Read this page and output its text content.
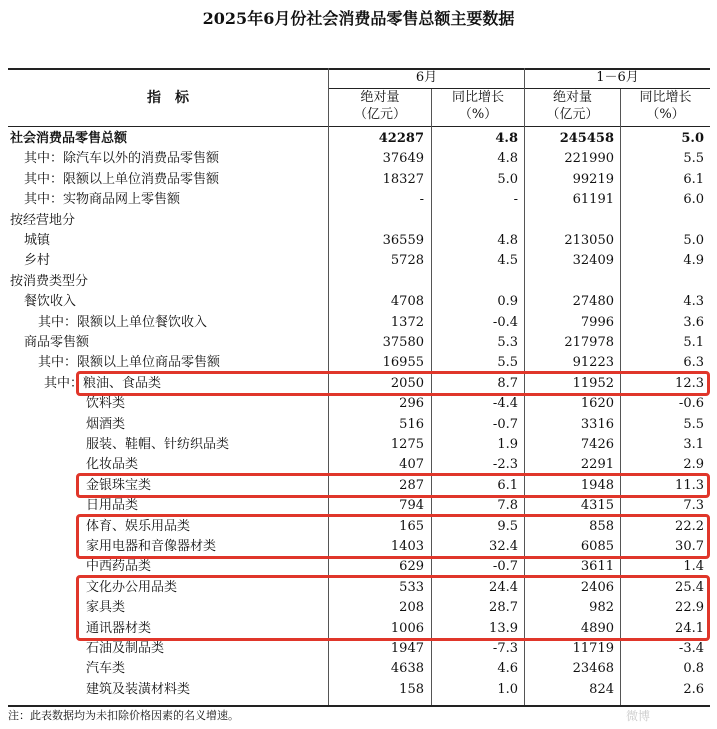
2025年6月份社会消费品零售总额主要数据
指　标
6月	1－6月
绝对量
（亿元）
同比增长
（%）
绝对量
（亿元）
同比增长
（%）
社会消费品零售总额	42287	4.8	245458	5.0
其中：除汽车以外的消费品零售额	37649	4.8	221990	5.5
其中：限额以上单位消费品零售额	18327	5.0	99219	6.1
其中：实物商品网上零售额	-	-	61191	6.0
按经营地分
城镇	36559	4.8	213050	5.0
乡村	5728	4.5	32409	4.9
按消费类型分
餐饮收入	4708	0.9	27480	4.3
其中：限额以上单位餐饮收入	1372	-0.4	7996	3.6
商品零售额	37580	5.3	217978	5.1
其中：限额以上单位商品零售额	16955	5.5	91223	6.3
其中：粮油、食品类	2050	8.7	11952	12.3
饮料类	296	-4.4	1620	-0.6
烟酒类	516	-0.7	3316	5.5
服装、鞋帽、针纺织品类	1275	1.9	7426	3.1
化妆品类	407	-2.3	2291	2.9
金银珠宝类	287	6.1	1948	11.3
日用品类	794	7.8	4315	7.3
体育、娱乐用品类	165	9.5	858	22.2
家用电器和音像器材类	1403	32.4	6085	30.7
中西药品类	629	-0.7	3611	1.4
文化办公用品类	533	24.4	2406	25.4
家具类	208	28.7	982	22.9
通讯器材类	1006	13.9	4890	24.1
石油及制品类	1947	-7.3	11719	-3.4
汽车类	4638	4.6	23468	0.8
建筑及装潢材料类	158	1.0	824	2.6
注：此表数据均为未扣除价格因素的名义增速。	微博
